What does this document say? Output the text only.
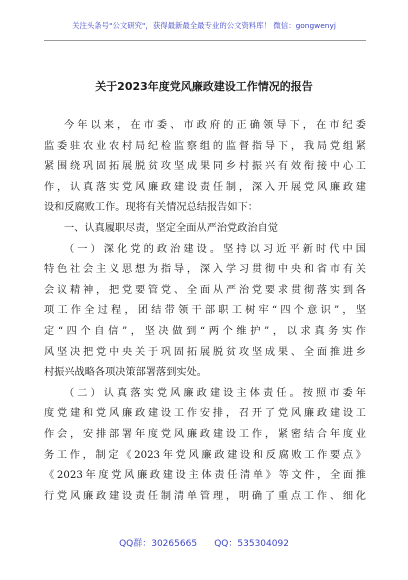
关注头条号"公文研究"，获得最新最全最专业的公文资料库！ 微信：gongwenyj
关于2023年度党风廉政建设工作情况的报告
今年以来，在市委、市政府的正确领导下，在市纪委
监委驻农业农村局纪检监察组的监督指导下，我局党组紧
紧围绕巩固拓展脱贫攻坚成果同乡村振兴有效衔接中心工
作，认真落实党风廉政建设责任制，深入开展党风廉政建
设和反腐败工作。现将有关情况总结报告如下：
一、认真履职尽责，坚定全面从严治党政治自觉
（一）深化党的政治建设。坚持以习近平新时代中国
特色社会主义思想为指导，深入学习贯彻中央和省市有关
会议精神，把党要管党、全面从严治党要求贯彻落实到各
项工作全过程，团结带领干部职工树牢“四个意识”，坚
定“四个自信”，坚决做到“两个维护”，以求真务实作
风坚决把党中央关于巩固拓展脱贫攻坚成果、全面推进乡
村振兴战略各项决策部署落到实处。
（二）认真落实党风廉政建设主体责任。按照市委年
度党建和党风廉政建设工作安排，召开了党风廉政建设工
作会，安排部署年度党风廉政建设工作，紧密结合年度业
务工作，制定《2023年党风廉政建设和反腐败工作要点》
《2023年度党风廉政建设主体责任清单》等文件，全面推
行党风廉政建设责任制清单管理，明确了重点工作、细化
QQ群：30265665 QQ：535304092
